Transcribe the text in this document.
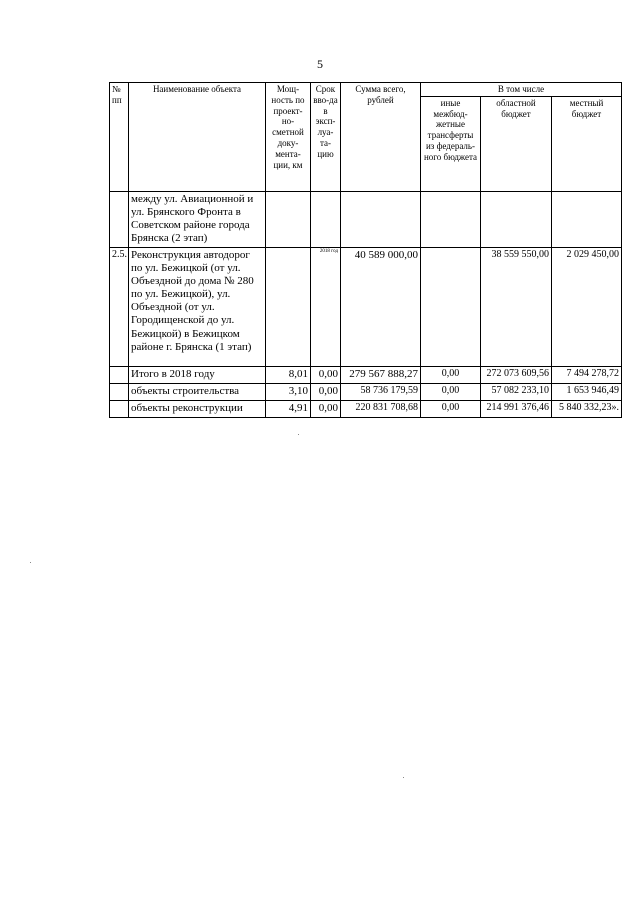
5
№ пп	Наименование объекта	Мощ-ность по проект-но-сметной доку-мента-ции, км	Срок вво-да в эксп-луа-та-цию	Сумма всего, рублей	В том числе		
					иные межбюд-жетные трансферты из федераль-ного бюджета	областной бюджет	местный бюджет
	между ул. Авиационной и ул. Брянского Фронта в Советском районе города Брянска (2 этап)						
2.5.	Реконструкция автодорог по ул. Бежицкой (от ул. Объездной до дома № 280 по ул. Бежицкой), ул. Объездной (от ул. Городищенской до ул. Бежицкой) в Бежицком районе г. Брянска (1 этап)		2018 год	40 589 000,00		38 559 550,00	2 029 450,00
	Итого в 2018 году	8,01	0,00	279 567 888,27	0,00	272 073 609,56	7 494 278,72
	объекты строительства	3,10	0,00	58 736 179,59	0,00	57 082 233,10	1 653 946,49
	объекты реконструкции	4,91	0,00	220 831 708,68	0,00	214 991 376,46	5 840 332,23».
